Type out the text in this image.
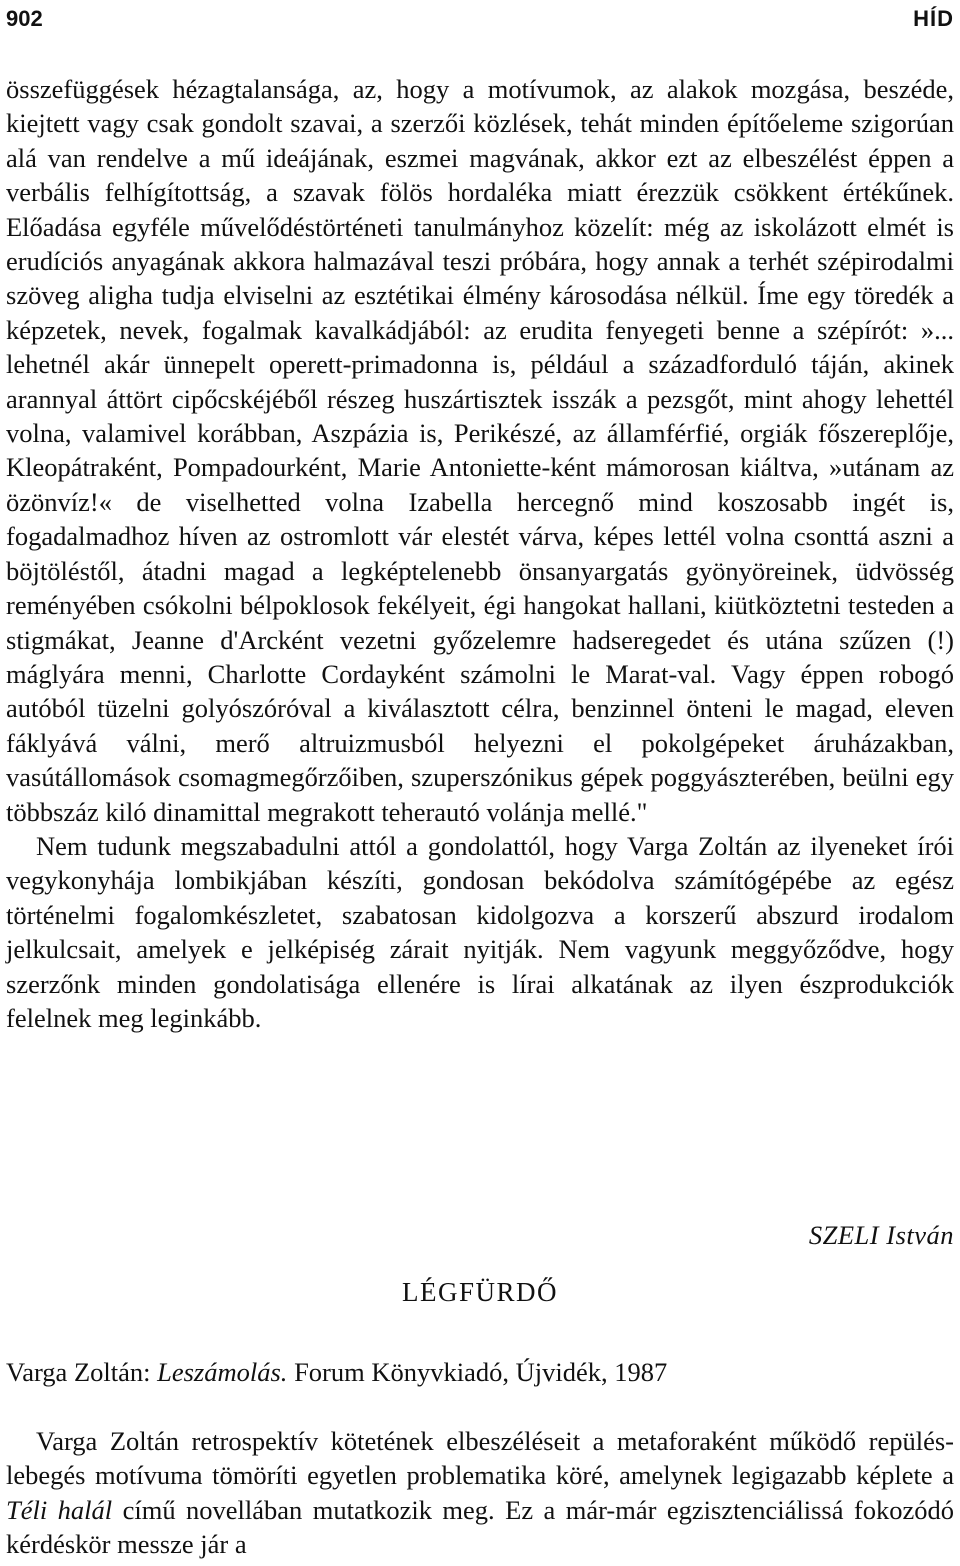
902	HÍD

összefüggések hézagtalansága, az, hogy a motívumok, az alakok mozgása, beszéde, kiejtett vagy csak gondolt szavai, a szerzői közlések, tehát minden építőeleme szigorúan alá van rendelve a mű ideájának, eszmei magvának, akkor ezt az elbeszélést éppen a verbális felhígítottság, a szavak fölös hordaléka miatt érezzük csökkent értékűnek. Előadása egyféle művelődéstörténeti tanulmányhoz közelít: még az iskolázott elmét is erudíciós anyagának akkora halmazával teszi próbára, hogy annak a terhét szépirodalmi szöveg aligha tudja elviselni az esztétikai élmény károsodása nélkül. Íme egy töredék a képzetek, nevek, fogalmak kavalkádjából: az erudita fenyegeti benne a szépírót: »... lehetnél akár ünnepelt operett-primadonna is, például a századforduló táján, akinek arannyal áttört cipőcskéjéből részeg huszártisztek isszák a pezsgőt, mint ahogy lehettél volna, valamivel korábban, Aszpázia is, Perikészé, az államférfié, orgiák főszereplője, Kleopátraként, Pompadourként, Marie Antoniette-ként mámorosan kiáltva, »utánam az özönvíz!« de viselhetted volna Izabella hercegnő mind koszosabb ingét is, fogadalmadhoz híven az ostromlott vár elestét várva, képes lettél volna csonttá aszni a böjtöléstől, átadni magad a legképtelenebb önsanyargatás gyönyöreinek, üdvösség reményében csókolni bélpoklosok fekélyeit, égi hangokat hallani, kiütköztetni testeden a stigmákat, Jeanne d'Arcként vezetni győzelemre hadseregedet és utána szűzen (!) máglyára menni, Charlotte Cordayként számolni le Marat-val. Vagy éppen robogó autóból tüzelni golyószóróval a kiválasztott célra, benzinnel önteni le magad, eleven fáklyává válni, merő altruizmusból helyezni el pokolgépeket áruházakban, vasútállomások csomagmegőrzőiben, szuperszónikus gépek poggyászterében, beülni egy többszáz kiló dinamittal megrakott teherautó volánja mellé."

Nem tudunk megszabadulni attól a gondolattól, hogy Varga Zoltán az ilyeneket írói vegykonyhája lombikjában készíti, gondosan bekódolva számítógépébe az egész történelmi fogalomkészletet, szabatosan kidolgozva a korszerű abszurd irodalom jelkulcsait, amelyek e jelképiség zárait nyitják. Nem vagyunk meggyőződve, hogy szerzőnk minden gondolatisága ellenére is lírai alkatának az ilyen észprodukciók felelnek meg leginkább.

SZELI István
LÉGFÜRDŐ
Varga Zoltán: Leszámolás. Forum Könyvkiadó, Újvidék, 1987

Varga Zoltán retrospektív kötetének elbeszéléseit a metaforaként működő repülés-lebegés motívuma tömöríti egyetlen problematika köré, amelynek legigazabb képlete a Téli halál című novellában mutatkozik meg. Ez a már-már egzisztenciálissá fokozódó kérdéskör messze jár a
